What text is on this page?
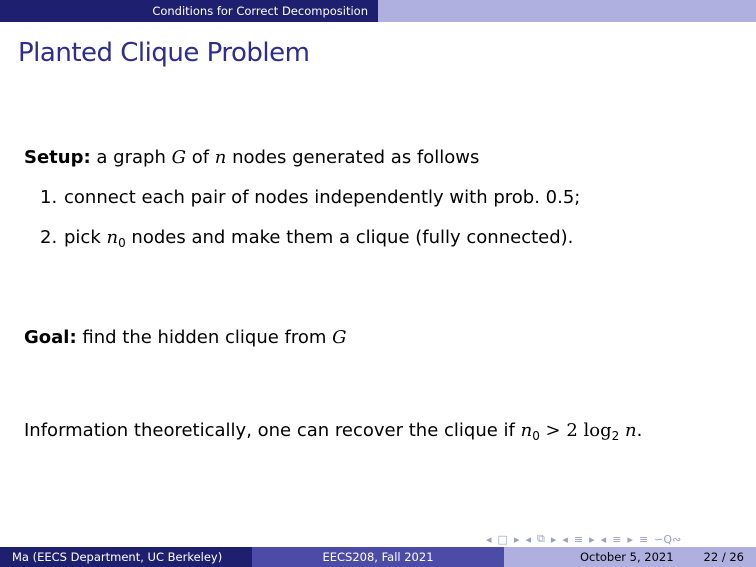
Conditions for Correct Decomposition
Planted Clique Problem
Setup: a graph G of n nodes generated as follows
1. connect each pair of nodes independently with prob. 0.5;
2. pick $n_0$ nodes and make them a clique (fully connected).
Goal: find the hidden clique from G
Information theoretically, one can recover the clique if $n_0 > 2$ $\log_2 n$.
◂ □ ▸ ◂ ⧉ ▸ ◂ ≡ ▸ ◂ ≡ ▸ ≡ ∽Q∾
Ma (EECS Department, UC Berkeley)	EECS208, Fall 2021	October 5, 2021	22 / 26
